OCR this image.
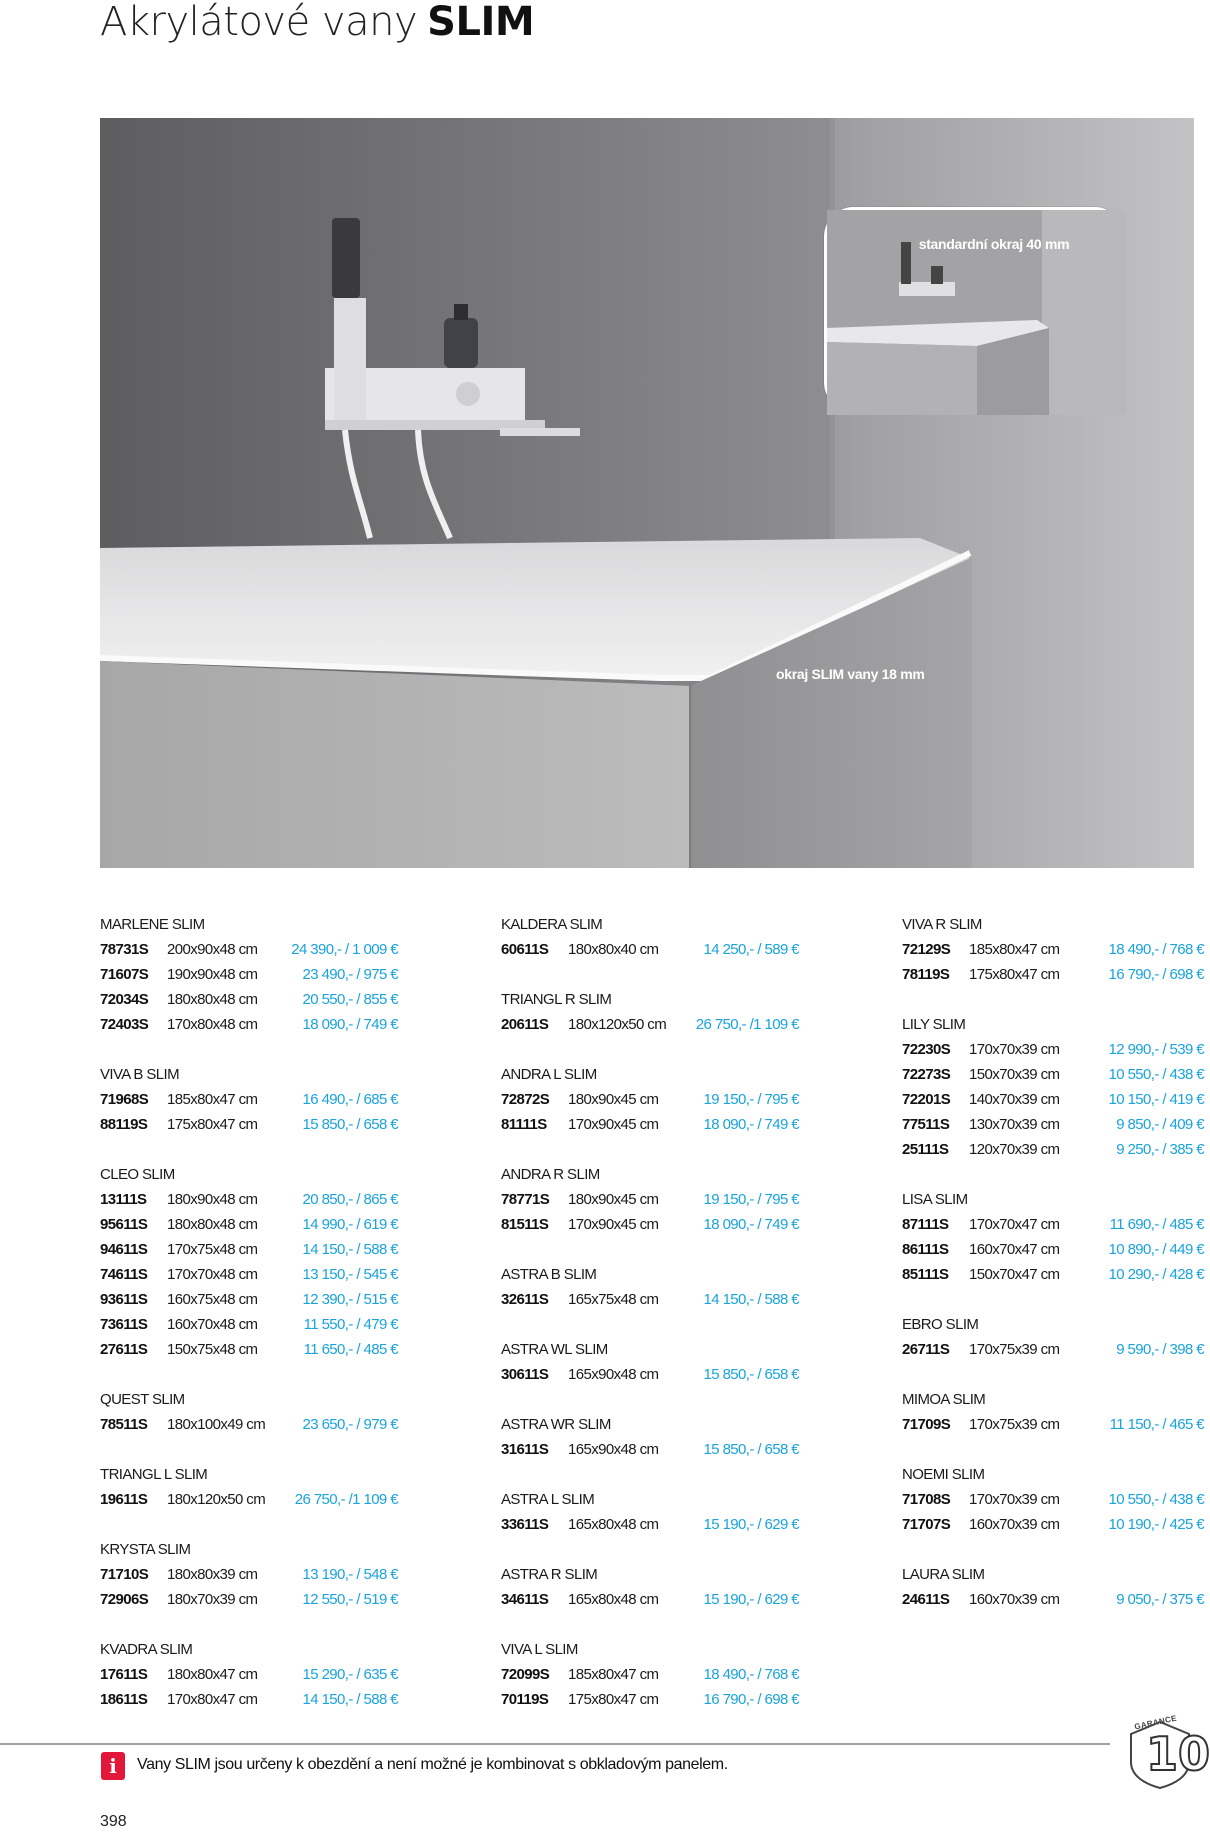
Akrylátové vany SLIM
standardní okraj 40 mm
okraj SLIM vany 18 mm
MARLENE SLIM
78731S 200x90x48 cm 24 390,- / 1 009 €
71607S 190x90x48 cm	23 490,- / 975 €
72034S 180x80x48 cm	20 550,- / 855 €
72403S 170x80x48 cm	18 090,- / 749 €
VIVA B SLIM
71968S 185x80x47 cm	16 490,- / 685 €
88119S 175x80x47 cm	15 850,- / 658 €
CLEO SLIM
13111S 180x90x48 cm	20 850,- / 865 €
95611S 180x80x48 cm	14 990,- / 619 €
94611S 170x75x48 cm	14 150,- / 588 €
74611S 170x70x48 cm	13 150,- / 545 €
93611S 160x75x48 cm	12 390,- / 515 €
73611S 160x70x48 cm	11 550,- / 479 €
27611S 150x75x48 cm	11 650,- / 485 €
QUEST SLIM
78511S 180x100x49 cm 23 650,- / 979 €
TRIANGL L SLIM
19611S 180x120x50 cm 26 750,- /1 109 €
KRYSTA SLIM
71710S 180x80x39 cm	13 190,- / 548 €
72906S 180x70x39 cm	12 550,- / 519 €
KVADRA SLIM
17611S 180x80x47 cm	15 290,- / 635 €
18611S 170x80x47 cm	14 150,- / 588 €
KALDERA SLIM
60611S 180x80x40 cm	14 250,- / 589 €
TRIANGL R SLIM
20611S 180x120x50 cm 26 750,- /1 109 €
ANDRA L SLIM
72872S 180x90x45 cm	19 150,- / 795 €
81111S 170x90x45 cm	18 090,- / 749 €
ANDRA R SLIM
78771S 180x90x45 cm	19 150,- / 795 €
81511S 170x90x45 cm	18 090,- / 749 €
ASTRA B SLIM
32611S 165x75x48 cm	14 150,- / 588 €
ASTRA WL SLIM
30611S 165x90x48 cm	15 850,- / 658 €
ASTRA WR SLIM
31611S 165x90x48 cm	15 850,- / 658 €
ASTRA L SLIM
33611S 165x80x48 cm	15 190,- / 629 €
ASTRA R SLIM
34611S 165x80x48 cm	15 190,- / 629 €
VIVA L SLIM
72099S 185x80x47 cm	18 490,- / 768 €
70119S 175x80x47 cm	16 790,- / 698 €
VIVA R SLIM
72129S 185x80x47 cm	18 490,- / 768 €
78119S 175x80x47 cm	16 790,- / 698 €
LILY SLIM
72230S 170x70x39 cm	12 990,- / 539 €
72273S 150x70x39 cm	10 550,- / 438 €
72201S 140x70x39 cm	10 150,- / 419 €
77511S 130x70x39 cm	9 850,- / 409 €
25111S 120x70x39 cm	9 250,- / 385 €
LISA SLIM
87111S 170x70x47 cm	11 690,- / 485 €
86111S 160x70x47 cm	10 890,- / 449 €
85111S 150x70x47 cm	10 290,- / 428 €
EBRO SLIM
26711S 170x75x39 cm	9 590,- / 398 €
MIMOA SLIM
71709S 170x75x39 cm	11 150,- / 465 €
NOEMI SLIM
71708S 170x70x39 cm	10 550,- / 438 €
71707S 160x70x39 cm	10 190,- / 425 €
LAURA SLIM
24611S 160x70x39 cm	9 050,- / 375 €
i	Vany SLIM jsou určeny k obezdění a není možné je kombinovat s obkladovým panelem.
398
GARANCE
10
